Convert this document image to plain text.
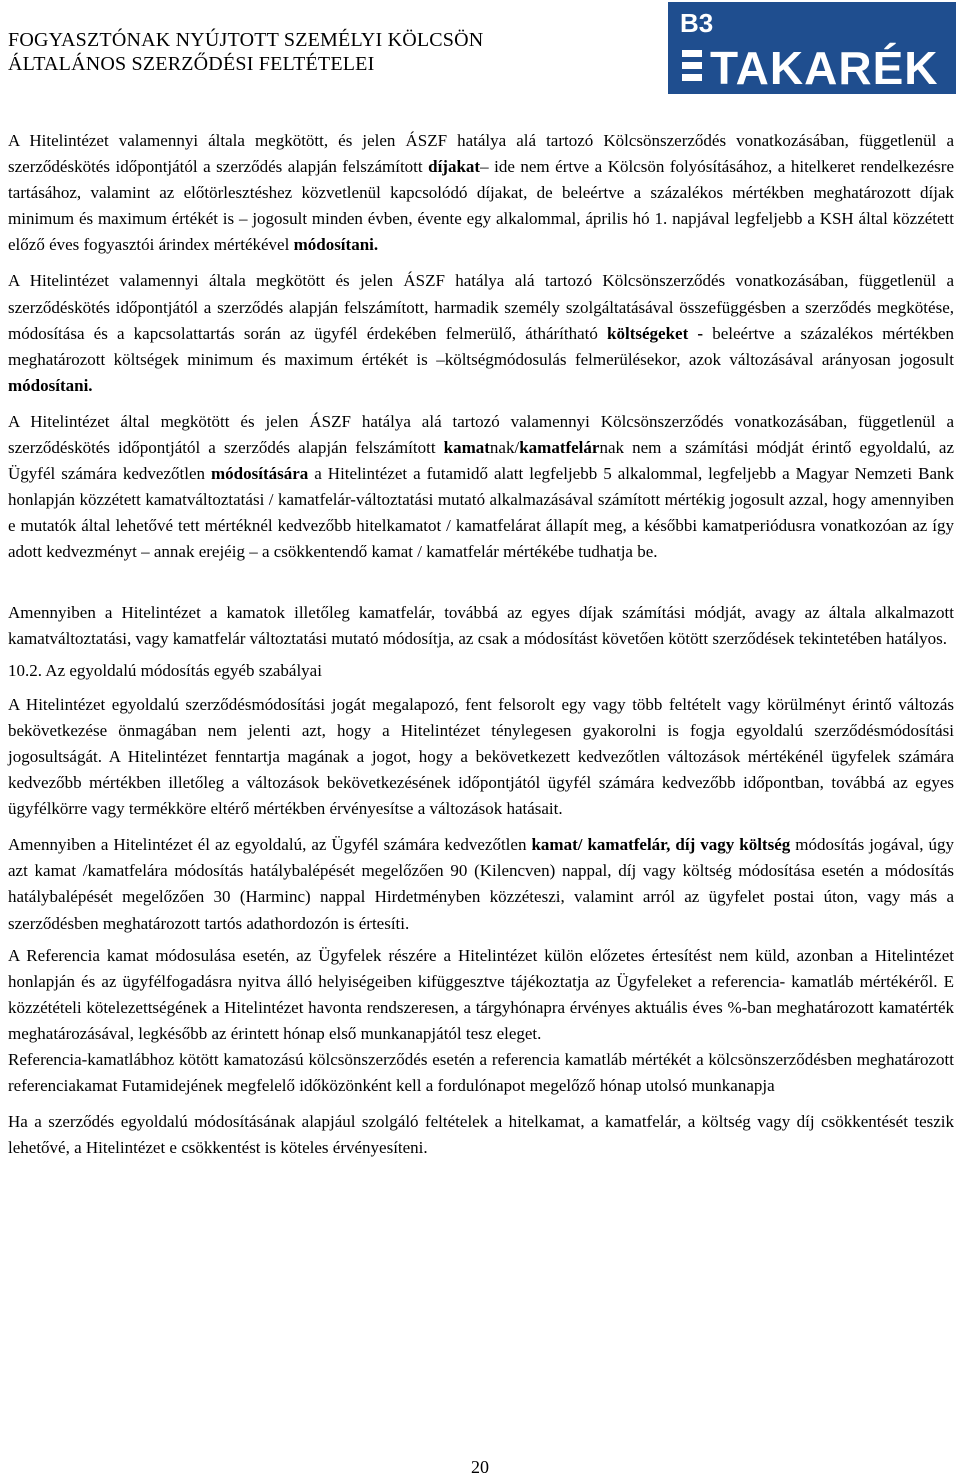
FOGYASZTÓNAK NYÚJTOTT SZEMÉLYI KÖLCSÖN
ÁLTALÁNOS SZERZŐDÉSI FELTÉTELEI
B3
TAKARÉK

A Hitelintézet valamennyi általa megkötött, és jelen ÁSZF hatálya alá tartozó Kölcsönszerződés vonatkozásában, függetlenül a szerződéskötés időpontjától a szerződés alapján felszámított díjakat– ide nem értve a Kölcsön folyósításához, a hitelkeret rendelkezésre tartásához, valamint az előtörlesztéshez közvetlenül kapcsolódó díjakat, de beleértve a százalékos mértékben meghatározott díjak minimum és maximum értékét is – jogosult minden évben, évente egy alkalommal, április hó 1. napjával legfeljebb a KSH által közzétett előző éves fogyasztói árindex mértékével módosítani.

A Hitelintézet valamennyi általa megkötött és jelen ÁSZF hatálya alá tartozó Kölcsönszerződés vonatkozásában, függetlenül a szerződéskötés időpontjától a szerződés alapján felszámított, harmadik személy szolgáltatásával összefüggésben a szerződés megkötése, módosítása és a kapcsolattartás során az ügyfél érdekében felmerülő, áthárítható költségeket - beleértve a százalékos mértékben meghatározott költségek minimum és maximum értékét is –költségmódosulás felmerülésekor, azok változásával arányosan jogosult módosítani.

A Hitelintézet által megkötött és jelen ÁSZF hatálya alá tartozó valamennyi Kölcsönszerződés vonatkozásában, függetlenül a szerződéskötés időpontjától a szerződés alapján felszámított kamatnak/kamatfelárnak nem a számítási módját érintő egyoldalú, az Ügyfél számára kedvezőtlen módosítására a Hitelintézet a futamidő alatt legfeljebb 5 alkalommal, legfeljebb a Magyar Nemzeti Bank honlapján közzétett kamatváltoztatási / kamatfelár-változtatási mutató alkalmazásával számított mértékig jogosult azzal, hogy amennyiben e mutatók által lehetővé tett mértéknél kedvezőbb hitelkamatot / kamatfelárat állapít meg, a későbbi kamatperiódusra vonatkozóan az így adott kedvezményt – annak erejéig – a csökkentendő kamat / kamatfelár mértékébe tudhatja be.

Amennyiben a Hitelintézet a kamatok illetőleg kamatfelár, továbbá az egyes díjak számítási módját, avagy az általa alkalmazott kamatváltoztatási, vagy kamatfelár változtatási mutató módosítja, az csak a módosítást követően kötött szerződések tekintetében hatályos.

10.2. Az egyoldalú módosítás egyéb szabályai

A Hitelintézet egyoldalú szerződésmódosítási jogát megalapozó, fent felsorolt egy vagy több feltételt vagy körülményt érintő változás bekövetkezése önmagában nem jelenti azt, hogy a Hitelintézet ténylegesen gyakorolni is fogja egyoldalú szerződésmódosítási jogosultságát. A Hitelintézet fenntartja magának a jogot, hogy a bekövetkezett kedvezőtlen változások mértékénél ügyfelek számára kedvezőbb mértékben illetőleg a változások bekövetkezésének időpontjától ügyfél számára kedvezőbb időpontban, továbbá az egyes ügyfélkörre vagy termékköre eltérő mértékben érvényesítse a változások hatásait.

Amennyiben a Hitelintézet él az egyoldalú, az Ügyfél számára kedvezőtlen kamat/ kamatfelár, díj vagy költség módosítás jogával, úgy azt kamat /kamatfelára módosítás hatálybalépését megelőzően 90 (Kilencven) nappal, díj vagy költség módosítása esetén a módosítás hatálybalépését megelőzően 30 (Harminc) nappal Hirdetményben közzéteszi, valamint arról az ügyfelet postai úton, vagy más a szerződésben meghatározott tartós adathordozón is értesíti.

A Referencia kamat módosulása esetén, az Ügyfelek részére a Hitelintézet külön előzetes értesítést nem küld, azonban a Hitelintézet honlapján és az ügyfélfogadásra nyitva álló helyiségeiben kifüggesztve tájékoztatja az Ügyfeleket a referencia- kamatláb mértékéről. E közzétételi kötelezettségének a Hitelintézet havonta rendszeresen, a tárgyhónapra érvényes aktuális éves %-ban meghatározott kamatérték meghatározásával, legkésőbb az érintett hónap első munkanapjától tesz eleget.

Referencia-kamatlábhoz kötött kamatozású kölcsönszerződés esetén a referencia kamatláb mértékét a kölcsönszerződésben meghatározott referenciakamat Futamidejének megfelelő időközönként kell a fordulónapot megelőző hónap utolsó munkanapja

Ha a szerződés egyoldalú módosításának alapjául szolgáló feltételek a hitelkamat, a kamatfelár, a költség vagy díj csökkentését teszik lehetővé, a Hitelintézet e csökkentést is köteles érvényesíteni.

20
